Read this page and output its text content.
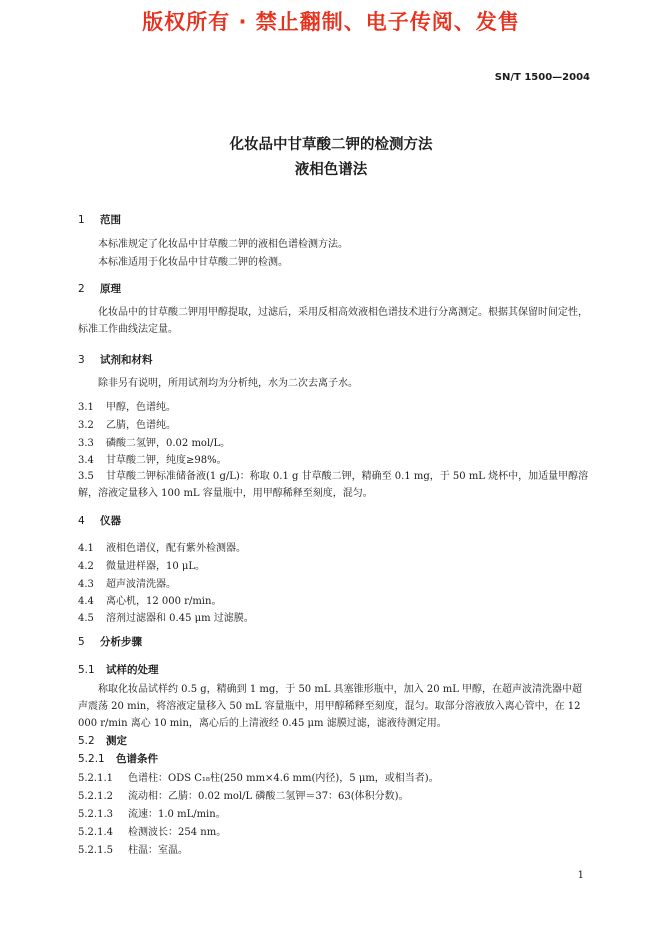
版权所有 · 禁止翻制、电子传阅、发售
SN/T 1500—2004
化妆品中甘草酸二钾的检测方法
液相色谱法
1 范围
本标准规定了化妆品中甘草酸二钾的液相色谱检测方法。
本标准适用于化妆品中甘草酸二钾的检测。
2 原理
化妆品中的甘草酸二钾用甲醇提取，过滤后，采用反相高效液相色谱技术进行分离测定。根据其保留时间定性，标准工作曲线法定量。
3 试剂和材料
除非另有说明，所用试剂均为分析纯，水为二次去离子水。
3.1 甲醇，色谱纯。
3.2 乙腈，色谱纯。
3.3 磷酸二氢钾，0.02 mol/L。
3.4 甘草酸二钾，纯度≥98%。
3.5 甘草酸二钾标准储备液(1 g/L)：称取 0.1 g 甘草酸二钾，精确至 0.1 mg，于 50 mL 烧杯中，加适量甲醇溶解，溶液定量移入 100 mL 容量瓶中，用甲醇稀释至刻度，混匀。
4 仪器
4.1 液相色谱仪，配有紫外检测器。
4.2 微量进样器，10 μL。
4.3 超声波清洗器。
4.4 离心机，12 000 r/min。
4.5 溶剂过滤器和 0.45 μm 过滤膜。
5 分析步骤
5.1 试样的处理
称取化妆品试样约 0.5 g，精确到 1 mg，于 50 mL 具塞锥形瓶中，加入 20 mL 甲醇，在超声波清洗器中超声震荡 20 min，将溶液定量移入 50 mL 容量瓶中，用甲醇稀释至刻度，混匀。取部分溶液放入离心管中，在 12 000 r/min 离心 10 min，离心后的上清液经 0.45 μm 滤膜过滤，滤液待测定用。
5.2 测定
5.2.1 色谱条件
5.2.1.1 色谱柱：ODS C₁₈柱(250 mm×4.6 mm(内径)，5 μm，或相当者)。
5.2.1.2 流动相：乙腈：0.02 mol/L 磷酸二氢钾＝37：63(体积分数)。
5.2.1.3 流速：1.0 mL/min。
5.2.1.4 检测波长：254 nm。
5.2.1.5 柱温：室温。
1
